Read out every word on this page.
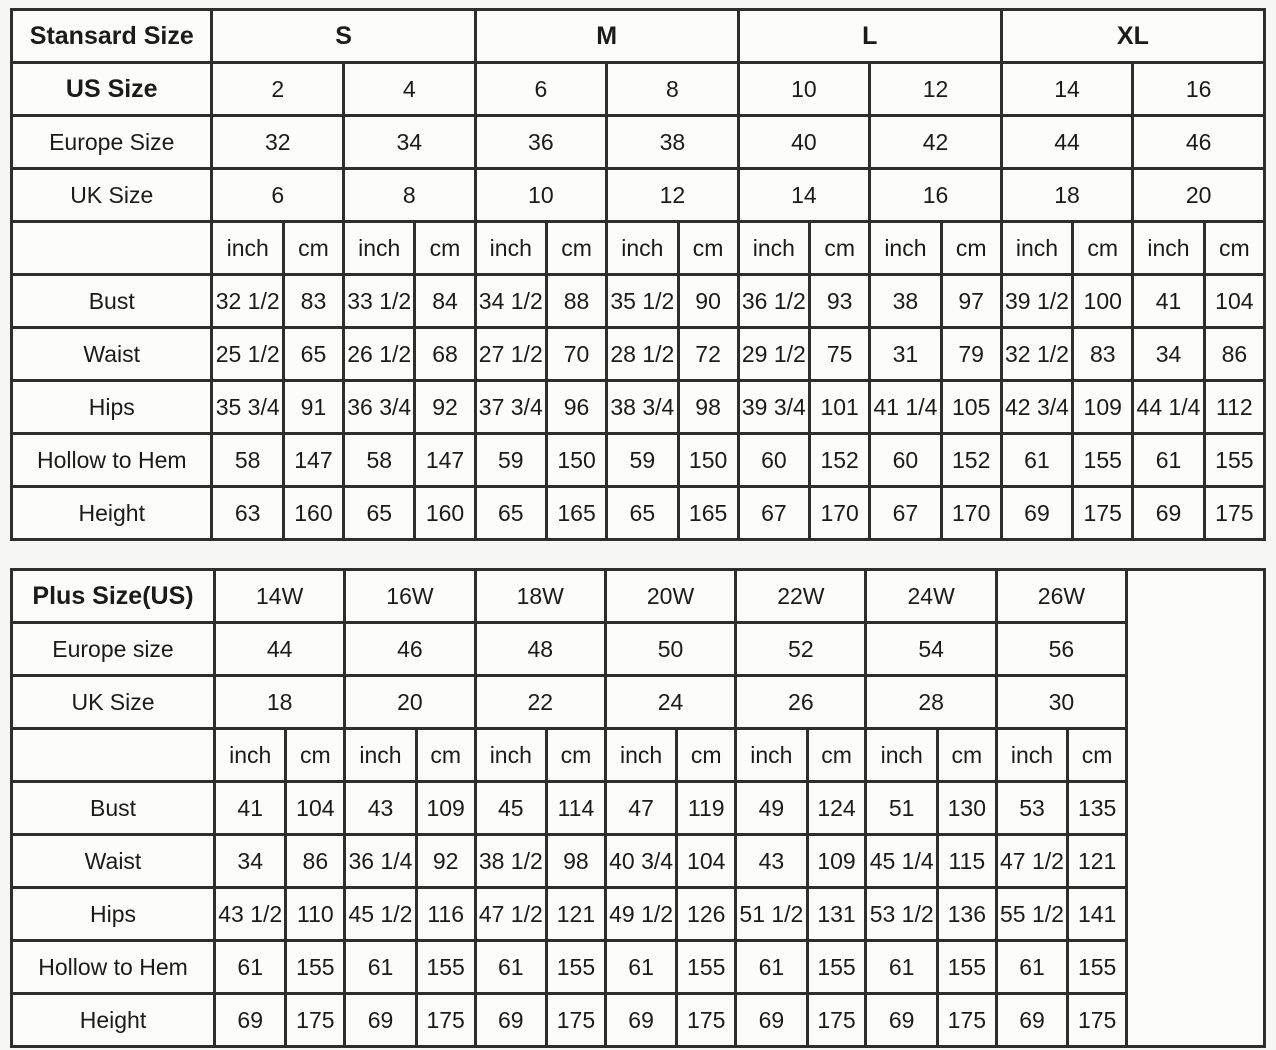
Stansard Size	S				M				L				XL			
US Size	2		4		6		8		10		12		14		16	
Europe Size	32		34		36		38		40		42		44		46	
UK Size	6		8		10		12		14		16		18		20	
	inch	cm	inch	cm	inch	cm	inch	cm	inch	cm	inch	cm	inch	cm	inch	cm
Bust	32 1/2	83	33 1/2	84	34 1/2	88	35 1/2	90	36 1/2	93	38	97	39 1/2	100	41	104
Waist	25 1/2	65	26 1/2	68	27 1/2	70	28 1/2	72	29 1/2	75	31	79	32 1/2	83	34	86
Hips	35 3/4	91	36 3/4	92	37 3/4	96	38 3/4	98	39 3/4	101	41 1/4	105	42 3/4	109	44 1/4	112
Hollow to Hem	58	147	58	147	59	150	59	150	60	152	60	152	61	155	61	155
Height	63	160	65	160	65	165	65	165	67	170	67	170	69	175	69	175
Plus Size(US)	14W		16W		18W		20W		22W		24W		26W		
Europe size	44		46		48		50		52		54		56		
UK Size	18		20		22		24		26		28		30		
	inch	cm	inch	cm	inch	cm	inch	cm	inch	cm	inch	cm	inch	cm	
Bust	41	104	43	109	45	114	47	119	49	124	51	130	53	135	
Waist	34	86	36 1/4	92	38 1/2	98	40 3/4	104	43	109	45 1/4	115	47 1/2	121	
Hips	43 1/2	110	45 1/2	116	47 1/2	121	49 1/2	126	51 1/2	131	53 1/2	136	55 1/2	141	
Hollow to Hem	61	155	61	155	61	155	61	155	61	155	61	155	61	155	
Height	69	175	69	175	69	175	69	175	69	175	69	175	69	175	
